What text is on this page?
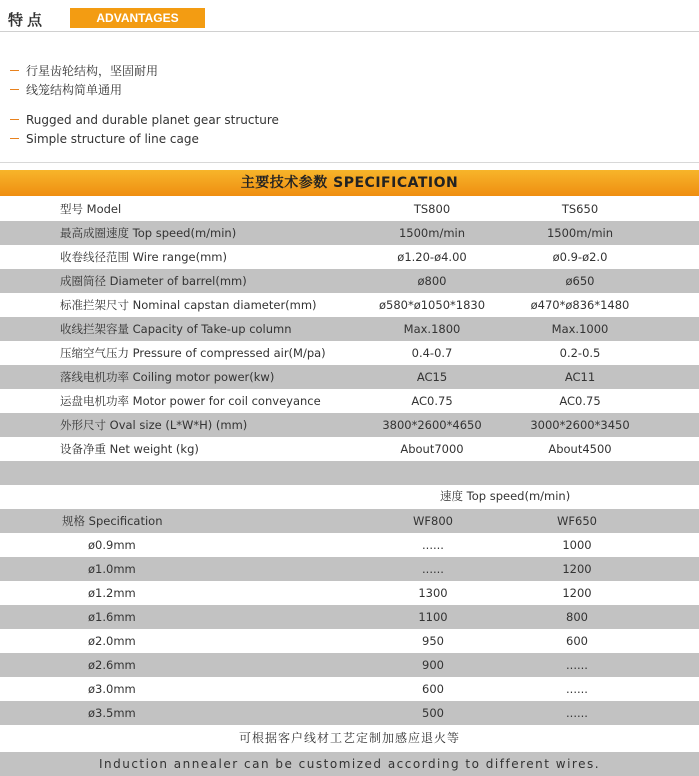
特点	ADVANTAGES
行星齿轮结构，坚固耐用
线笼结构简单通用
Rugged and durable planet gear structure
Simple structure of line cage
主要技术参数 SPECIFICATION
型号 Model	TS800	TS650
最高成圈速度 Top speed(m/min)	1500m/min	1500m/min
收卷线径范围 Wire range(mm)	ø1.20-ø4.00	ø0.9-ø2.0
成圈筒径 Diameter of barrel(mm)	ø800	ø650
标准拦架尺寸 Nominal capstan diameter(mm)	ø580*ø1050*1830	ø470*ø836*1480
收线拦架容量 Capacity of Take-up column	Max.1800	Max.1000
压缩空气压力 Pressure of compressed air(M/pa)	0.4-0.7	0.2-0.5
落线电机功率 Coiling motor power(kw)	AC15	AC11
运盘电机功率 Motor power for coil conveyance	AC0.75	AC0.75
外形尺寸 Oval size (L*W*H) (mm)	3800*2600*4650	3000*2600*3450
设备净重 Net weight (kg)	About7000	About4500
速度 Top speed(m/min)
规格 Specification	WF800	WF650
ø0.9mm	......	1000
ø1.0mm	......	1200
ø1.2mm	1300	1200
ø1.6mm	1100	800
ø2.0mm	950	600
ø2.6mm	900	......
ø3.0mm	600	......
ø3.5mm	500	......
可根据客户线材工艺定制加感应退火等
Induction annealer can be customized according to different wires.
